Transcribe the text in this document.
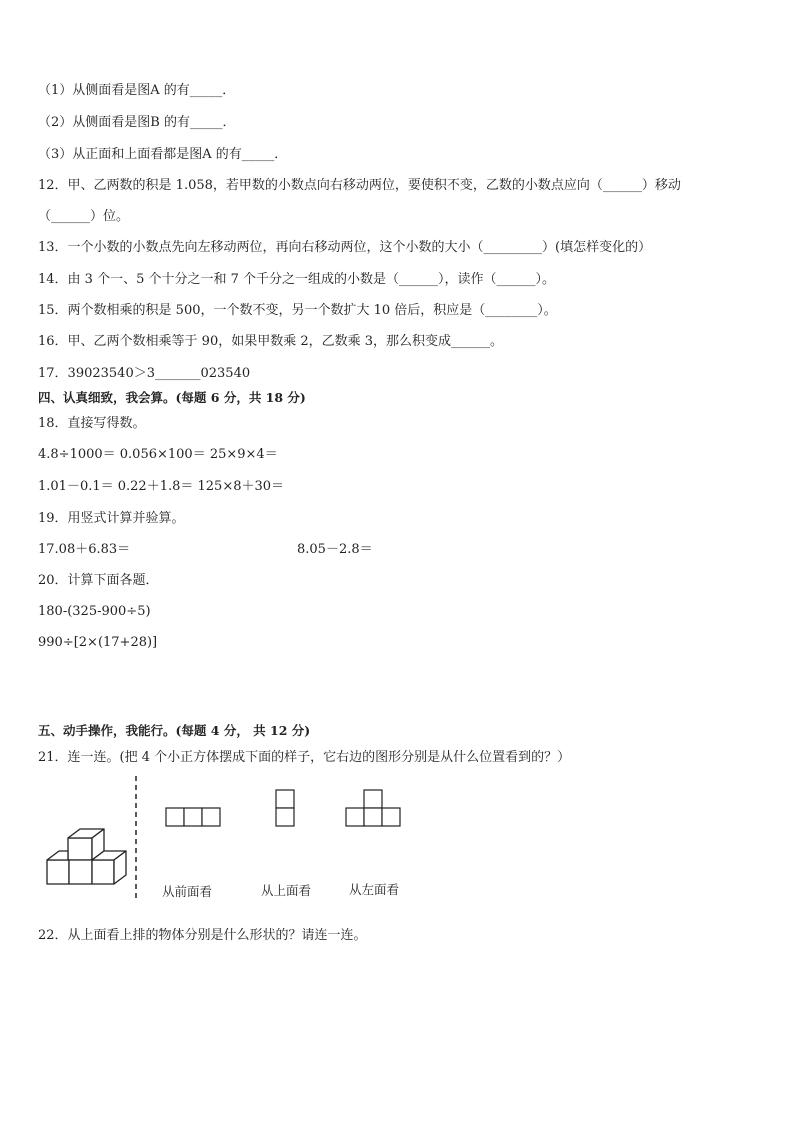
（1）从侧面看是图A 的有_____．
（2）从侧面看是图B 的有_____．
（3）从正面和上面看都是图A 的有_____．
12．甲、乙两数的积是 1.058，若甲数的小数点向右移动两位，要使积不变，乙数的小数点应向（______）移动
（______）位。
13．一个小数的小数点先向左移动两位，再向右移动两位，这个小数的大小（_________）(填怎样变化的）
14．由 3 个一、5 个十分之一和 7 个千分之一组成的小数是（______），读作（______）。
15．两个数相乘的积是 500，一个数不变，另一个数扩大 10 倍后，积应是（________）。
16．甲、乙两个数相乘等于 90，如果甲数乘 2，乙数乘 3，那么积变成______。
17．39023540＞3_______023540
四、认真细致，我会算。(每题 6 分，共 18 分)
18．直接写得数。
4.8÷1000＝ 0.056×100＝ 25×9×4＝
1.01－0.1＝ 0.22＋1.8＝ 125×8＋30＝
19．用竖式计算并验算。
17.08＋6.83＝	8.05－2.8＝
20．计算下面各题．
180-(325-900÷5)
990÷[2×(17+28)]
五、动手操作，我能行。(每题 4 分， 共 12 分)
21．连一连。(把 4 个小正方体摆成下面的样子，它右边的图形分别是从什么位置看到的？）
从前面看	从上面看	从左面看
22．从上面看上排的物体分别是什么形状的？请连一连。
